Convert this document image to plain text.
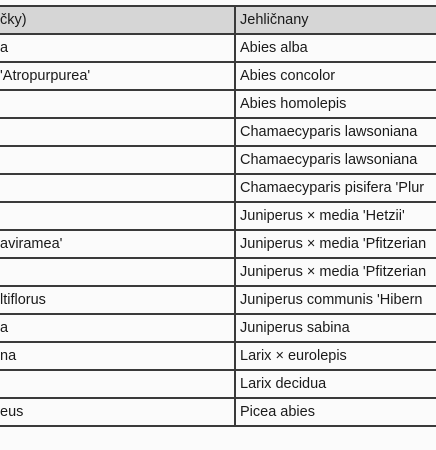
čky)	Jehličnany
a	Abies alba
'Atropurpurea'	Abies concolor
	Abies homolepis
	Chamaecyparis lawsoniana
	Chamaecyparis lawsoniana
	Chamaecyparis pisifera 'Plur
	Juniperus × media 'Hetzii'
aviramea'	Juniperus × media 'Pfitzerian
	Juniperus × media 'Pfitzerian
ltiflorus	Juniperus communis 'Hibern
a	Juniperus sabina
na	Larix × eurolepis
	Larix decidua
eus	Picea abies
